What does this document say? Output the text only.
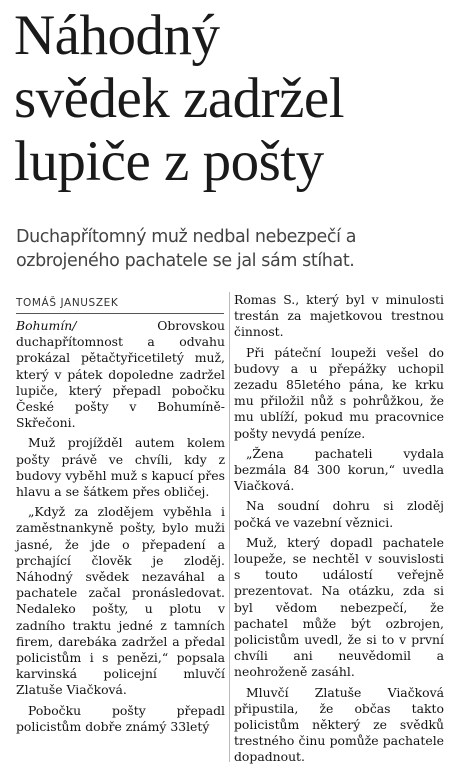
Náhodný
svědek zadržel
lupiče z pošty
Duchapřítomný muž nedbal nebezpečí a
ozbrojeného pachatele se jal sám stíhat.
TOMÁŠ JANUSZEK

Bohumín/	Obrovskou duchapřítomnost a odvahu prokázal pětačtyřicetiletý muž, který v pátek dopoledne zadržel lupiče, který přepadl pobočku České pošty v Bohumíně-Skřečoni.

Muž projížděl autem kolem pošty právě ve chvíli, kdy z budovy vyběhl muž s kapucí přes hlavu a se šátkem přes obličej.

„Když za zlodějem vyběhla i zaměstnankyně pošty, bylo muži jasné, že jde o přepadení a prchající člověk je zloděj. Náhodný svědek nezaváhal a pachatele začal pronásledovat. Nedaleko pošty, u plotu v zadního traktu jedné z tamních firem, darebáka zadržel a předal policistům i s penězi,“ popsala karvinská policejní mluvčí Zlatuše Viačková.

Pobočku pošty přepadl policistům dobře známý 33letý

Romas S., který byl v minulosti trestán za majetkovou trestnou činnost.

Při páteční loupeži vešel do budovy a u přepážky uchopil zezadu 85letého pána, ke krku mu přiložil nůž s pohrůžkou, že mu ublíží, pokud mu pracovnice pošty nevydá peníze.

„Žena pachateli vydala bezmála 84 300 korun,“ uvedla Viačková.

Na soudní dohru si zloděj počká ve vazební věznici.

Muž, který dopadl pachatele loupeže, se nechtěl v souvislosti s touto událostí veřejně prezentovat. Na otázku, zda si byl vědom nebezpečí, že pachatel může být ozbrojen, policistům uvedl, že si to v první chvíli ani neuvědomil a neohroženě zasáhl.

Mluvčí Zlatuše Viačková připustila, že občas takto policistům některý ze svědků trestného činu pomůže pachatele dopadnout.
